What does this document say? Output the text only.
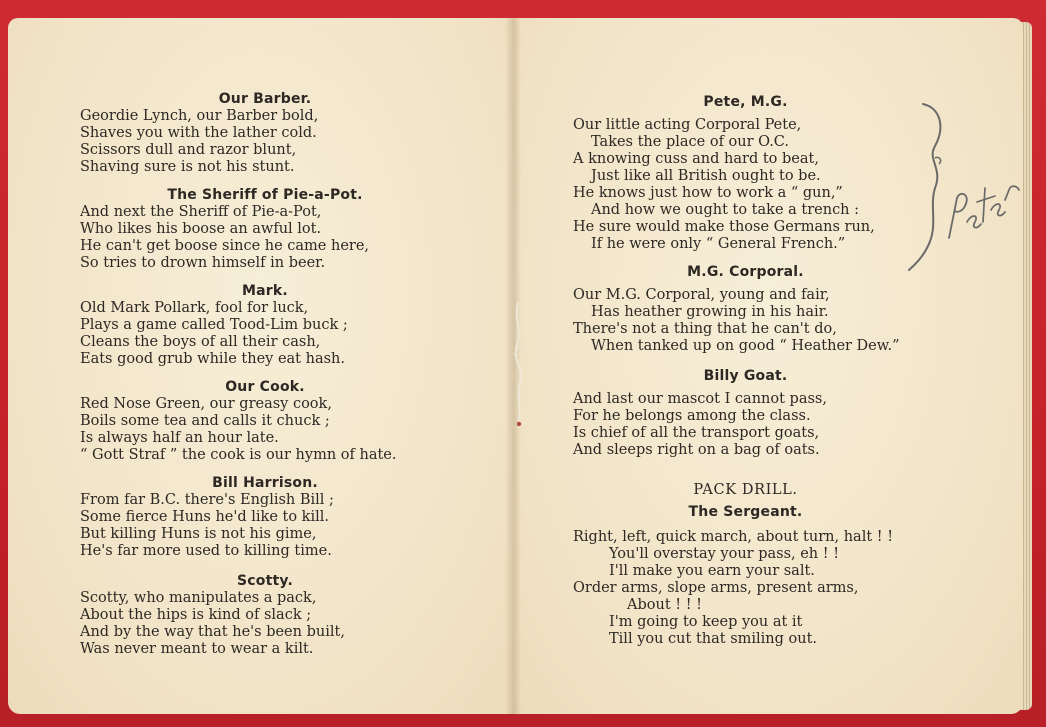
Our Barber.
Geordie Lynch, our Barber bold,
Shaves you with the lather cold.
Scissors dull and razor blunt,
Shaving sure is not his stunt.
The Sheriff of Pie-a-Pot.
And next the Sheriff of Pie-a-Pot,
Who likes his boose an awful lot.
He can't get boose since he came here,
So tries to drown himself in beer.
Mark.
Old Mark Pollark, fool for luck,
Plays a game called Tood-Lim buck ;
Cleans the boys of all their cash,
Eats good grub while they eat hash.
Our Cook.
Red Nose Green, our greasy cook,
Boils some tea and calls it chuck ;
Is always half an hour late.
“ Gott Straf ” the cook is our hymn of hate.
Bill Harrison.
From far B.C. there's English Bill ;
Some fierce Huns he'd like to kill.
But killing Huns is not his gime,
He's far more used to killing time.
Scotty.
Scotty, who manipulates a pack,
About the hips is kind of slack ;
And by the way that he's been built,
Was never meant to wear a kilt.
Pete, M.G.
Our little acting Corporal Pete,
Takes the place of our O.C.
A knowing cuss and hard to beat,
Just like all British ought to be.
He knows just how to work a “ gun,”
And how we ought to take a trench :
He sure would make those Germans run,
If he were only “ General French.”
M.G. Corporal.
Our M.G. Corporal, young and fair,
Has heather growing in his hair.
There's not a thing that he can't do,
When tanked up on good “ Heather Dew.”
Billy Goat.
And last our mascot I cannot pass,
For he belongs among the class.
Is chief of all the transport goats,
And sleeps right on a bag of oats.
PACK DRILL.
The Sergeant.
Right, left, quick march, about turn, halt ! !
You'll overstay your pass, eh ! !
I'll make you earn your salt.
Order arms, slope arms, present arms,
About ! ! !
I'm going to keep you at it
Till you cut that smiling out.
